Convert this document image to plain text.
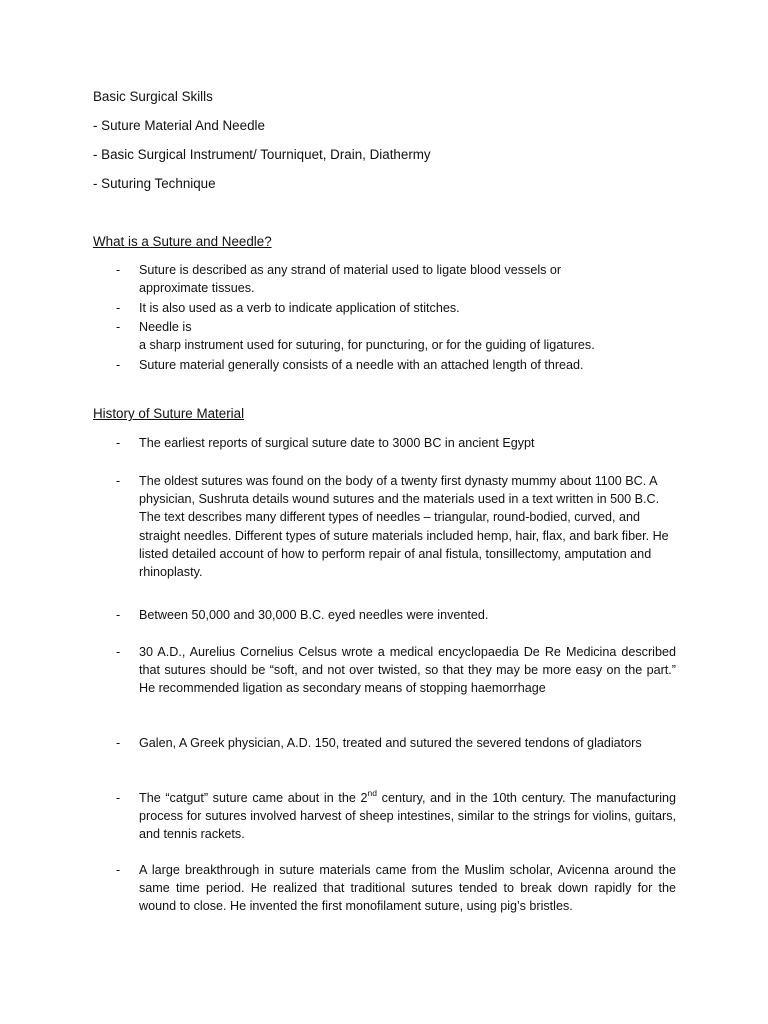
Basic Surgical Skills

- Suture Material And Needle

- Basic Surgical Instrument/ Tourniquet, Drain, Diathermy

- Suturing Technique

What is a Suture and Needle?

- Suture is described as any strand of material used to ligate blood vessels or
approximate tissues.
- It is also used as a verb to indicate application of stitches.
- Needle is
a sharp instrument used for suturing, for puncturing, or for the guiding of ligatures.
- Suture material generally consists of a needle with an attached length of thread.

History of Suture Material

- The earliest reports of surgical suture date to 3000 BC in ancient Egypt
- The oldest sutures was found on the body of a twenty first dynasty mummy about 1100 BC. A physician, Sushruta details wound sutures and the materials used in a text written in 500 B.C. The text describes many different types of needles – triangular, round-bodied, curved, and straight needles. Different types of suture materials included hemp, hair, flax, and bark fiber. He listed detailed account of how to perform repair of anal fistula, tonsillectomy, amputation and rhinoplasty.
- Between 50,000 and 30,000 B.C. eyed needles were invented.
- 30 A.D., Aurelius Cornelius Celsus wrote a medical encyclopaedia De Re Medicina described that sutures should be “soft, and not over twisted, so that they may be more easy on the part.” He recommended ligation as secondary means of stopping haemorrhage
- Galen, A Greek physician, A.D. 150, treated and sutured the severed tendons of gladiators
- The “catgut” suture came about in the 2nd century, and in the 10th century. The manufacturing process for sutures involved harvest of sheep intestines, similar to the strings for violins, guitars, and tennis rackets.
- A large breakthrough in suture materials came from the Muslim scholar, Avicenna around the same time period. He realized that traditional sutures tended to break down rapidly for the wound to close. He invented the first monofilament suture, using pig’s bristles.
